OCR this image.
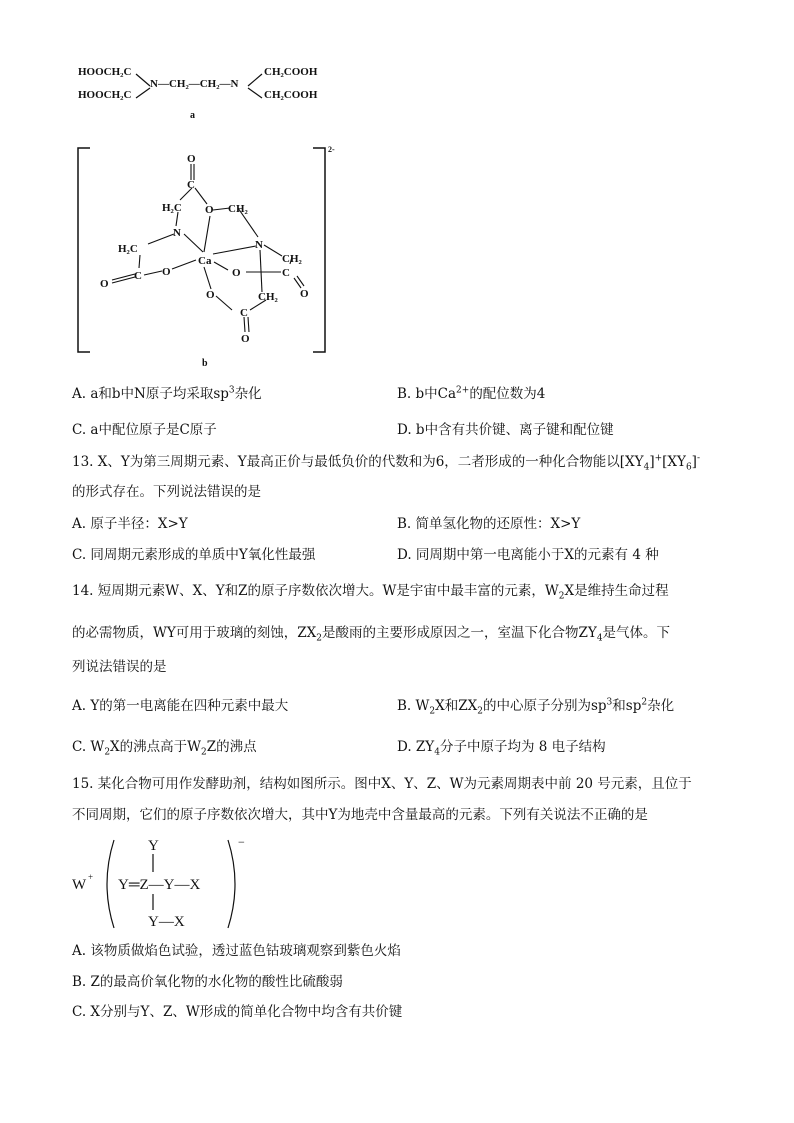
HOOCH₂C
HOOCH₂C
N—CH₂—CH₂—N
CH₂COOH
CH₂COOH
a
O
C
H₂C O CH₂
N
N
H₂C
CH₂
Ca
O	O
C	C
O
O
O	CH₂
C
O
2-
b
A. a和b中N原子均采取$sp^3$杂化	B. b中$Ca^{2+}$的配位数为4
C. a中配位原子是C原子	D. b中含有共价键、离子键和配位键
13. X、Y为第三周期元素、Y最高正价与最低负价的代数和为6，二者形成的一种化合物能以$[XY_4]^+[XY_6]^-$
的形式存在。下列说法错误的是
A. 原子半径：X>Y	B. 简单氢化物的还原性：X>Y
C. 同周期元素形成的单质中Y氧化性最强	D. 同周期中第一电离能小于X的元素有 4 种
14. 短周期元素W、X、Y和Z的原子序数依次增大。W是宇宙中最丰富的元素，$W_2X$是维持生命过程
的必需物质，WY可用于玻璃的刻蚀，$ZX_2$是酸雨的主要形成原因之一，室温下化合物$ZY_4$是气体。下
列说法错误的是
A. Y的第一电离能在四种元素中最大	B. $W_2X$和$ZX_2$的中心原子分别为$sp^3$和$sp^2$杂化
C. $W_2X$的沸点高于$W_2Z$的沸点	D. $ZY_4$分子中原子均为 8 电子结构
15. 某化合物可用作发酵助剂，结构如图所示。图中X、Y、Z、W为元素周期表中前 20 号元素，且位于
不同周期，它们的原子序数依次增大，其中Y为地壳中含量最高的元素。下列有关说法不正确的是
W +
−
Y
Y═Z—Y—X
Y—X
A. 该物质做焰色试验，透过蓝色钴玻璃观察到紫色火焰
B. Z的最高价氧化物的水化物的酸性比硫酸弱
C. X分别与Y、Z、W形成的简单化合物中均含有共价键
